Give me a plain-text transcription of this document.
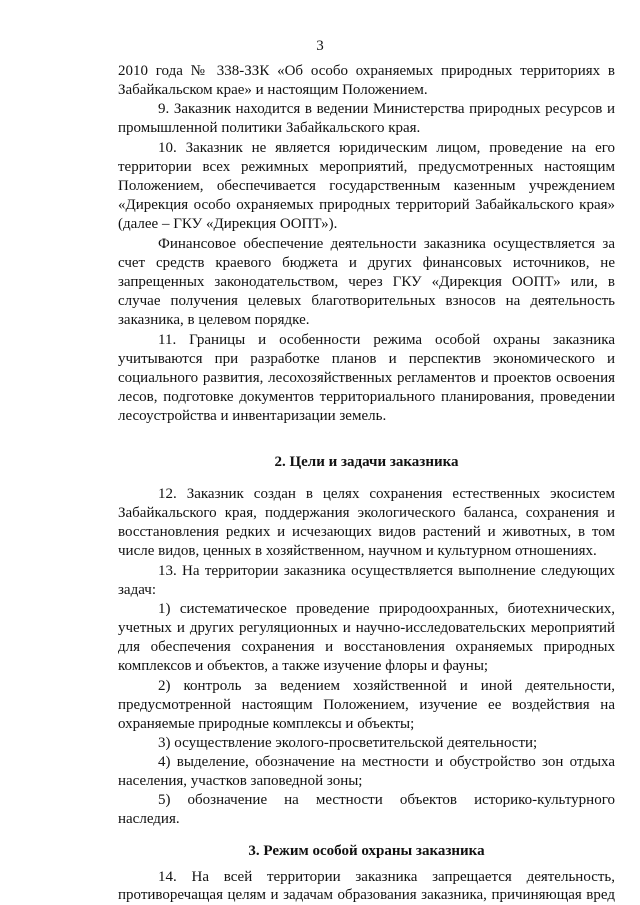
3
2010 года № 338-ЗЗК «Об особо охраняемых природных территориях в
Забайкальском крае» и настоящим Положением.
9. Заказник находится в ведении Министерства природных ресурсов и
промышленной политики Забайкальского края.
10. Заказник не является юридическим лицом, проведение на его
территории всех режимных мероприятий, предусмотренных настоящим
Положением, обеспечивается государственным казенным учреждением
«Дирекция особо охраняемых природных территорий Забайкальского края»
(далее – ГКУ «Дирекция ООПТ»).
Финансовое обеспечение деятельности заказника осуществляется за
счет средств краевого бюджета и других финансовых источников, не
запрещенных законодательством, через ГКУ «Дирекция ООПТ» или, в
случае получения целевых благотворительных взносов на деятельность
заказника, в целевом порядке.
11. Границы и особенности режима особой охраны заказника
учитываются при разработке планов и перспектив экономического и
социального развития, лесохозяйственных регламентов и проектов освоения
лесов, подготовке документов территориального планирования, проведении
лесоустройства и инвентаризации земель.
2. Цели и задачи заказника
12. Заказник создан в целях сохранения естественных экосистем
Забайкальского края, поддержания экологического баланса, сохранения и
восстановления редких и исчезающих видов растений и животных, в том
числе видов, ценных в хозяйственном, научном и культурном отношениях.
13. На территории заказника осуществляется выполнение следующих
задач:
1) систематическое проведение природоохранных, биотехнических,
учетных и других регуляционных и научно-исследовательских мероприятий
для обеспечения сохранения и восстановления охраняемых природных
комплексов и объектов, а также изучение флоры и фауны;
2) контроль за ведением хозяйственной и иной деятельности,
предусмотренной настоящим Положением, изучение ее воздействия на
охраняемые природные комплексы и объекты;
3) осуществление эколого-просветительской деятельности;
4) выделение, обозначение на местности и обустройство зон отдыха
населения, участков заповедной зоны;
5) обозначение на местности объектов историко-культурного
наследия.
3. Режим особой охраны заказника
14. На всей территории заказника запрещается деятельность,
противоречащая целям и задачам образования заказника, причиняющая вред
